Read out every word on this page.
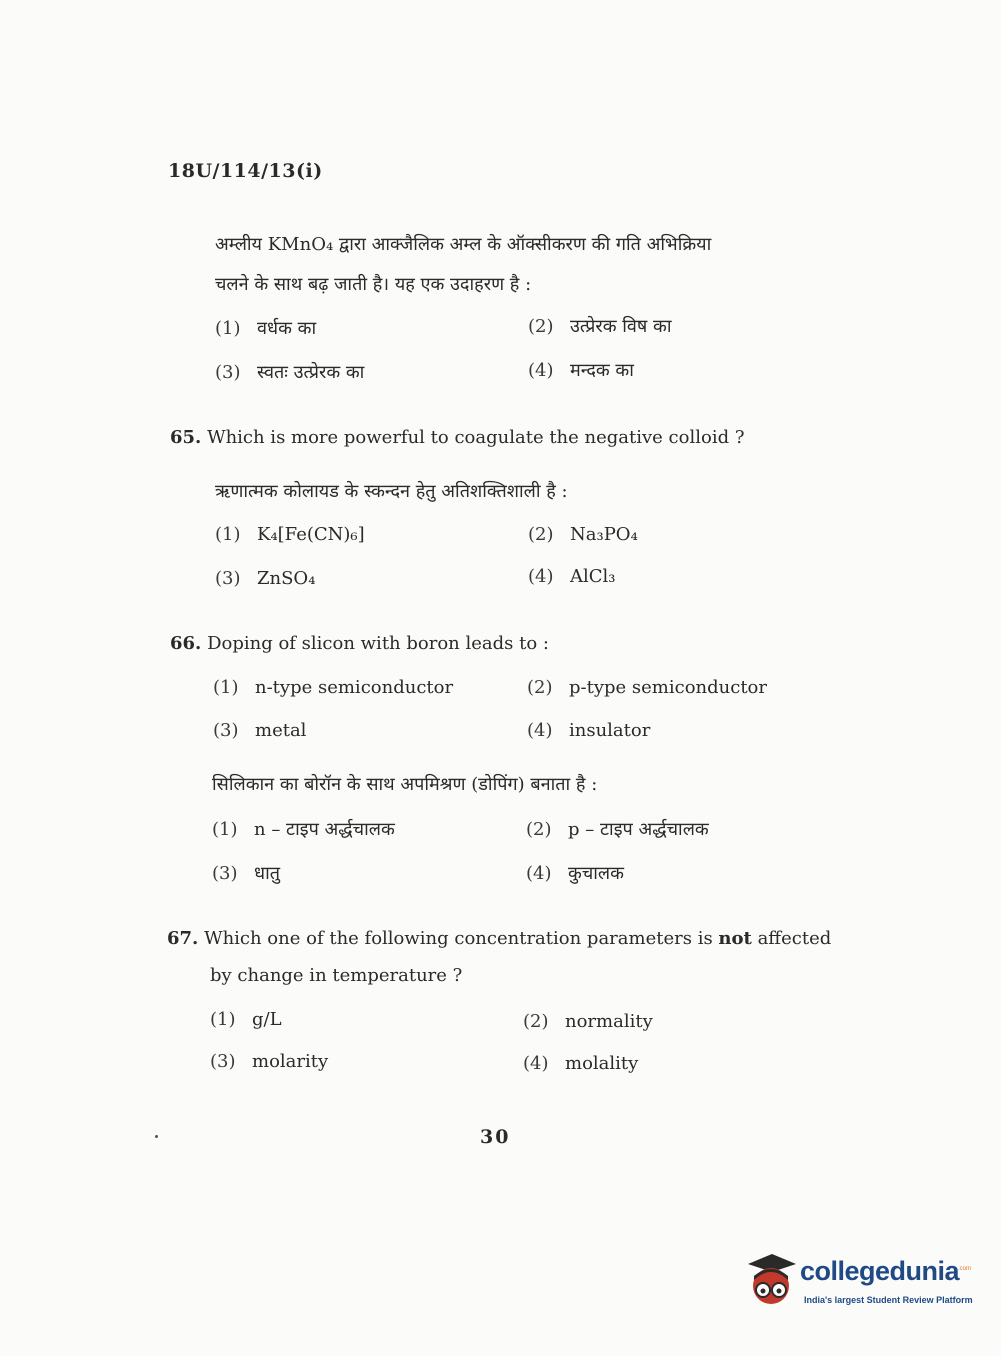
18U/114/13(i)
अम्लीय KMnO₄ द्वारा आक्जैलिक अम्ल के ऑक्सीकरण की गति अभिक्रिया
चलने के साथ बढ़ जाती है। यह एक उदाहरण है :
(1) वर्धक का	(2) उत्प्रेरक विष का
(3) स्वतः उत्प्रेरक का	(4) मन्दक का
65. Which is more powerful to coagulate the negative colloid ?
ऋणात्मक कोलायड के स्कन्दन हेतु अतिशक्तिशाली है :
(1) K₄[Fe(CN)₆]	(2) Na₃PO₄
(3) ZnSO₄	(4) AlCl₃
66. Doping of slicon with boron leads to :
(1) n-type semiconductor	(2) p-type semiconductor
(3) metal	(4) insulator
सिलिकान का बोरॉन के साथ अपमिश्रण (डोपिंग) बनाता है :
(1) n – टाइप अर्द्धचालक	(2) p – टाइप अर्द्धचालक
(3) धातु	(4) कुचालक
67. Which one of the following concentration parameters is not affected
by change in temperature ?
(1) g/L	(2) normality
(3) molarity	(4) molality
30
collegedunia
.com
India's largest Student Review Platform
